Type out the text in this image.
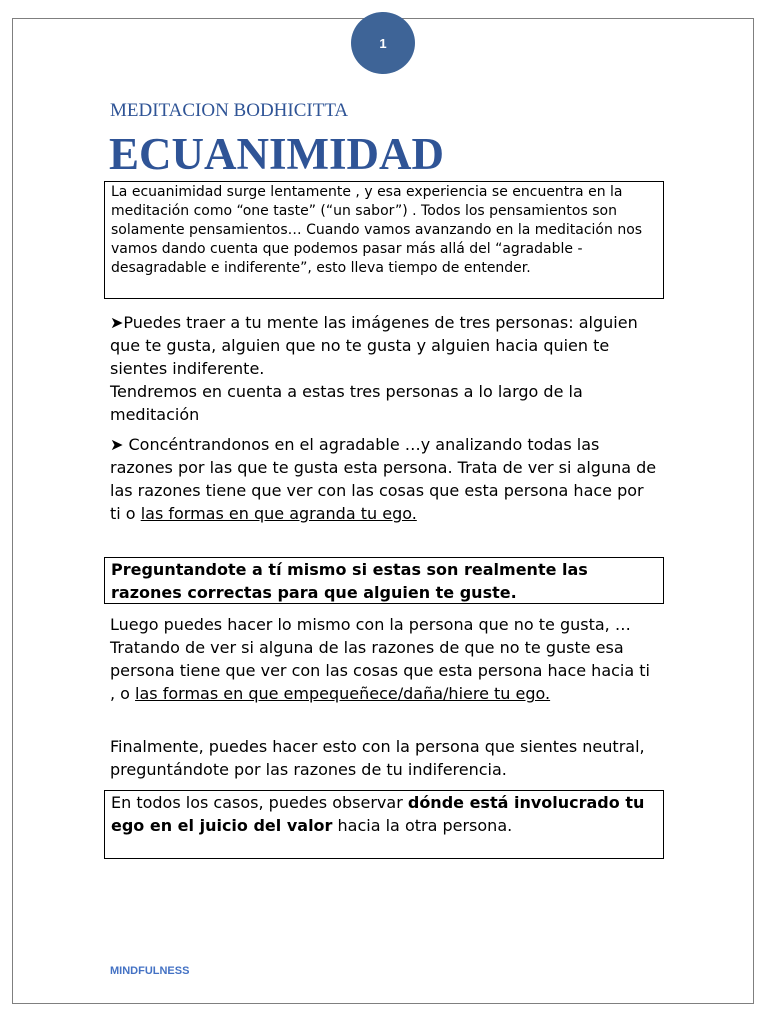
1
MEDITACION BODHICITTA
ECUANIMIDAD
La ecuanimidad surge lentamente , y esa experiencia se encuentra en la meditación como “one taste” (“un sabor”) . Todos los pensamientos son solamente pensamientos… Cuando vamos avanzando en la meditación nos vamos dando cuenta que podemos pasar más allá del “agradable - desagradable e indiferente”, esto lleva tiempo de entender.

➤Puedes traer a tu mente las imágenes de tres personas: alguien que te gusta, alguien que no te gusta y alguien hacia quien te sientes indiferente.

Tendremos en cuenta a estas tres personas a lo largo de la meditación

➤ Concéntrandonos en el agradable …y analizando todas las razones por las que te gusta esta persona. Trata de ver si alguna de las razones tiene que ver con las cosas que esta persona hace por ti o las formas en que agranda tu ego.
Preguntandote a tí mismo si estas son realmente las razones correctas para que alguien te guste.
Luego puedes hacer lo mismo con la persona que no te gusta, …Tratando de ver si alguna de las razones de que no te guste esa persona tiene que ver con las cosas que esta persona hace hacia ti , o las formas en que empequeñece/daña/hiere tu ego.
Finalmente, puedes hacer esto con la persona que sientes neutral, preguntándote por las razones de tu indiferencia.
En todos los casos, puedes observar dónde está involucrado tu ego en el juicio del valor hacia la otra persona.
MINDFULNESS
